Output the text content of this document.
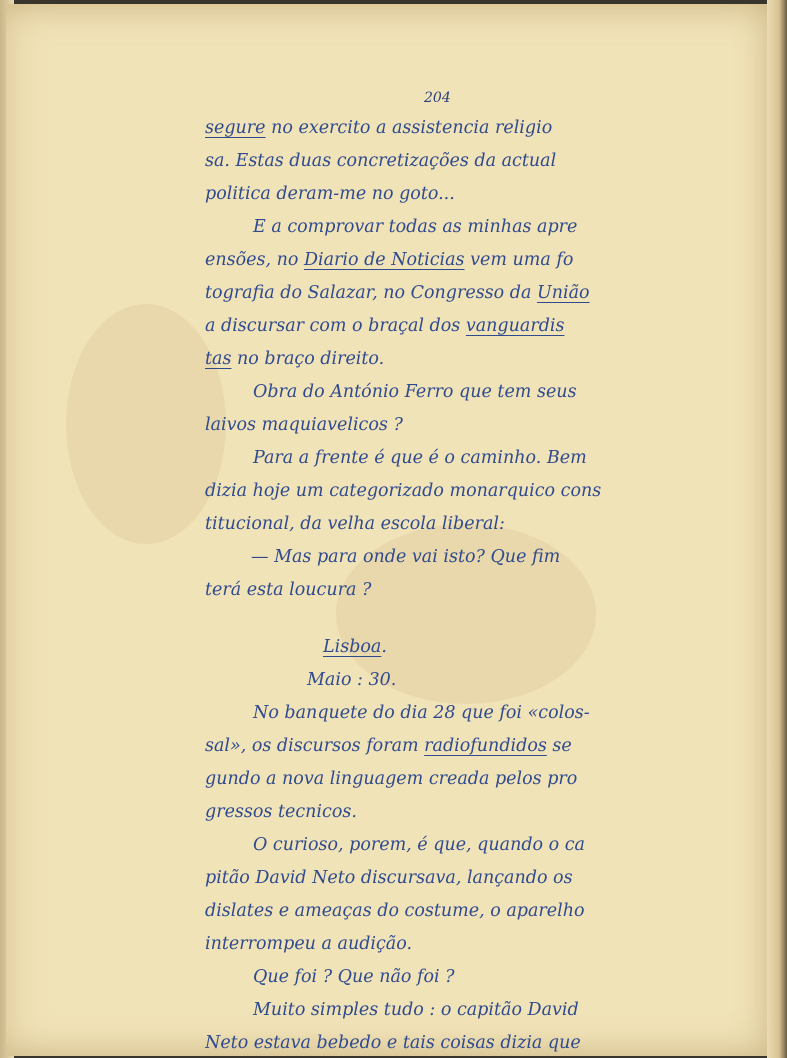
204
segure no exercito a assistencia religio
sa. Estas duas concretizações da actual
politica deram-me no goto...
E a comprovar todas as minhas apre
ensões, no Diario de Noticias vem uma fo
tografia do Salazar, no Congresso da União
a discursar com o braçal dos vanguardis
tas no braço direito.
Obra do António Ferro que tem seus
laivos maquiavelicos ?
Para a frente é que é o caminho. Bem
dizia hoje um categorizado monarquico cons
titucional, da velha escola liberal:
— Mas para onde vai isto? Que fim
terá esta loucura ?
Lisboa.
Maio : 30.
No banquete do dia 28 que foi «colos-
sal», os discursos foram radiofundidos se
gundo a nova linguagem creada pelos pro
gressos tecnicos.
O curioso, porem, é que, quando o ca
pitão David Neto discursava, lançando os
dislates e ameaças do costume, o aparelho
interrompeu a audição.
Que foi ? Que não foi ?
Muito simples tudo : o capitão David
Neto estava bebedo e tais coisas dizia que
